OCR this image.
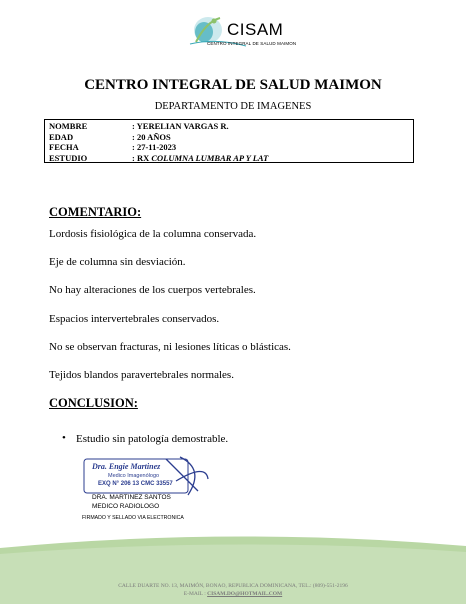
CISAM
CENTRO INTEGRAL DE SALUD MAIMON
CENTRO INTEGRAL DE SALUD MAIMON
DEPARTAMENTO DE IMAGENES
NOMBRE	: YERELIAN VARGAS R.
EDAD	: 20 AÑOS
FECHA	: 27-11-2023
ESTUDIO	: RX COLUMNA LUMBAR AP Y LAT
COMENTARIO:
Lordosis fisiológica de la columna conservada.
Eje de columna sin desviación.
No hay alteraciones de los cuerpos vertebrales.
Espacios intervertebrales conservados.
No se observan fracturas, ni lesiones líticas o blásticas.
Tejidos blandos paravertebrales normales.
CONCLUSION:
• Estudio sin patología demostrable.
Dra. Engie Martinez
Medico Imagenólogo
EXQ N° 206 13 CMC 33557
DRA. MARTINEZ SANTOS
MEDICO RADIOLOGO
FIRMADO Y SELLADO VIA ELECTRONICA
CALLE DUARTE NO. 13, MAIMÓN, BONAO, REPUBLICA DOMINICANA, TEL.: (809)-551-2196
E-MAIL : CISAM.DO@HOTMAIL.COM
